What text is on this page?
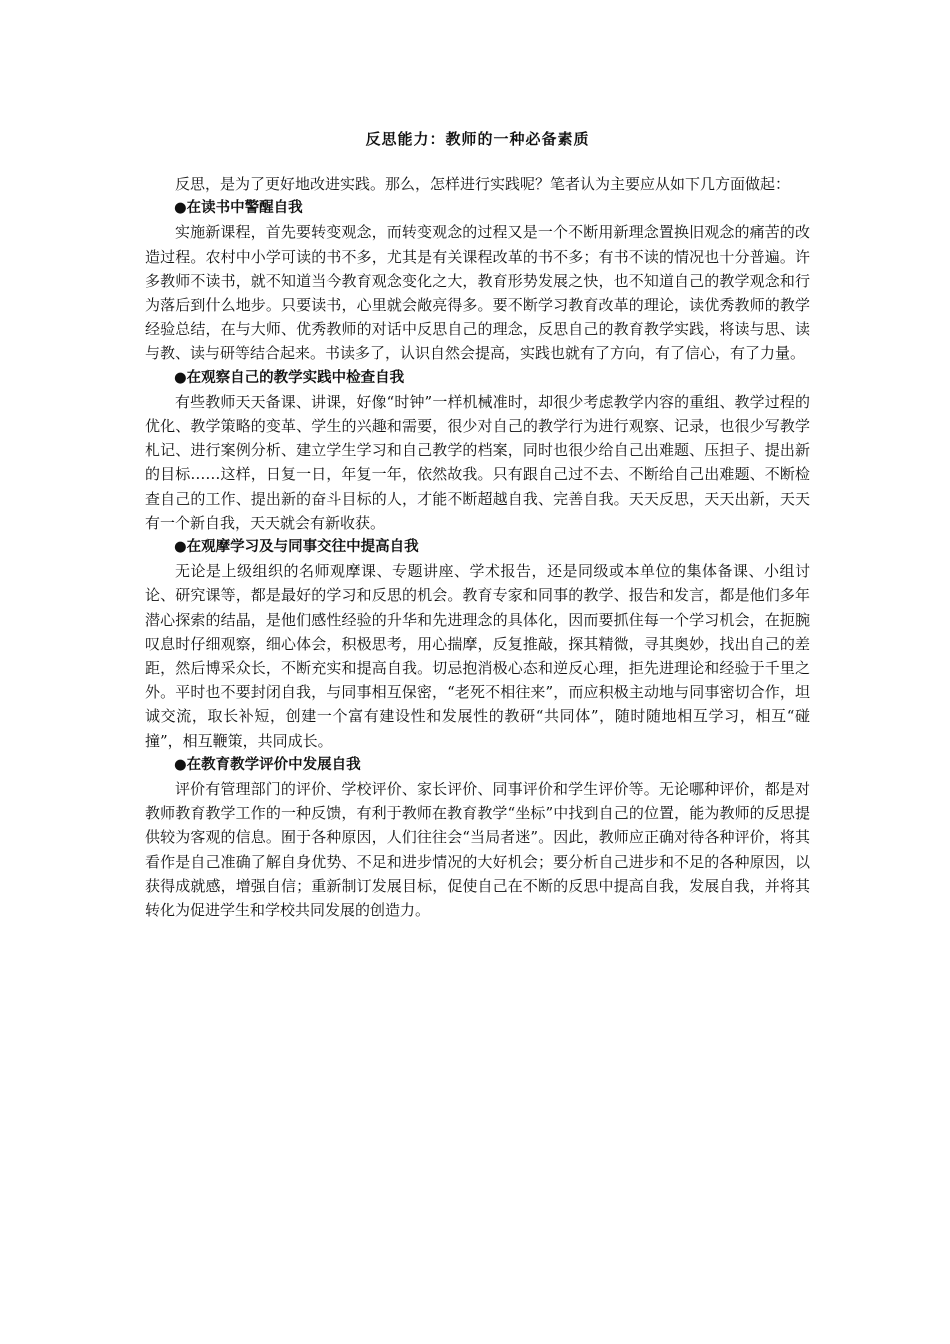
反思能力：教师的一种必备素质

反思，是为了更好地改进实践。那么，怎样进行实践呢？笔者认为主要应从如下几方面做起：

●在读书中警醒自我

实施新课程，首先要转变观念，而转变观念的过程又是一个不断用新理念置换旧观念的痛苦的改造过程。农村中小学可读的书不多，尤其是有关课程改革的书不多；有书不读的情况也十分普遍。许多教师不读书，就不知道当今教育观念变化之大，教育形势发展之快，也不知道自己的教学观念和行为落后到什么地步。只要读书，心里就会敞亮得多。要不断学习教育改革的理论，读优秀教师的教学经验总结，在与大师、优秀教师的对话中反思自己的理念，反思自己的教育教学实践，将读与思、读与教、读与研等结合起来。书读多了，认识自然会提高，实践也就有了方向，有了信心，有了力量。

●在观察自己的教学实践中检查自我

有些教师天天备课、讲课，好像“时钟”一样机械准时，却很少考虑教学内容的重组、教学过程的优化、教学策略的变革、学生的兴趣和需要，很少对自己的教学行为进行观察、记录，也很少写教学札记、进行案例分析、建立学生学习和自己教学的档案，同时也很少给自己出难题、压担子、提出新的目标……这样，日复一日，年复一年，依然故我。只有跟自己过不去、不断给自己出难题、不断检查自己的工作、提出新的奋斗目标的人，才能不断超越自我、完善自我。天天反思，天天出新，天天有一个新自我，天天就会有新收获。

●在观摩学习及与同事交往中提高自我

无论是上级组织的名师观摩课、专题讲座、学术报告，还是同级或本单位的集体备课、小组讨论、研究课等，都是最好的学习和反思的机会。教育专家和同事的教学、报告和发言，都是他们多年潜心探索的结晶，是他们感性经验的升华和先进理念的具体化，因而要抓住每一个学习机会，在扼腕叹息时仔细观察，细心体会，积极思考，用心揣摩，反复推敲，探其精微，寻其奥妙，找出自己的差距，然后博采众长，不断充实和提高自我。切忌抱消极心态和逆反心理，拒先进理论和经验于千里之外。平时也不要封闭自我，与同事相互保密，“老死不相往来”，而应积极主动地与同事密切合作，坦诚交流，取长补短，创建一个富有建设性和发展性的教研“共同体”，随时随地相互学习，相互“碰撞”，相互鞭策，共同成长。

●在教育教学评价中发展自我

评价有管理部门的评价、学校评价、家长评价、同事评价和学生评价等。无论哪种评价，都是对教师教育教学工作的一种反馈，有利于教师在教育教学“坐标”中找到自己的位置，能为教师的反思提供较为客观的信息。囿于各种原因，人们往往会“当局者迷”。因此，教师应正确对待各种评价，将其看作是自己准确了解自身优势、不足和进步情况的大好机会；要分析自己进步和不足的各种原因，以获得成就感，增强自信；重新制订发展目标，促使自己在不断的反思中提高自我，发展自我，并将其转化为促进学生和学校共同发展的创造力。
